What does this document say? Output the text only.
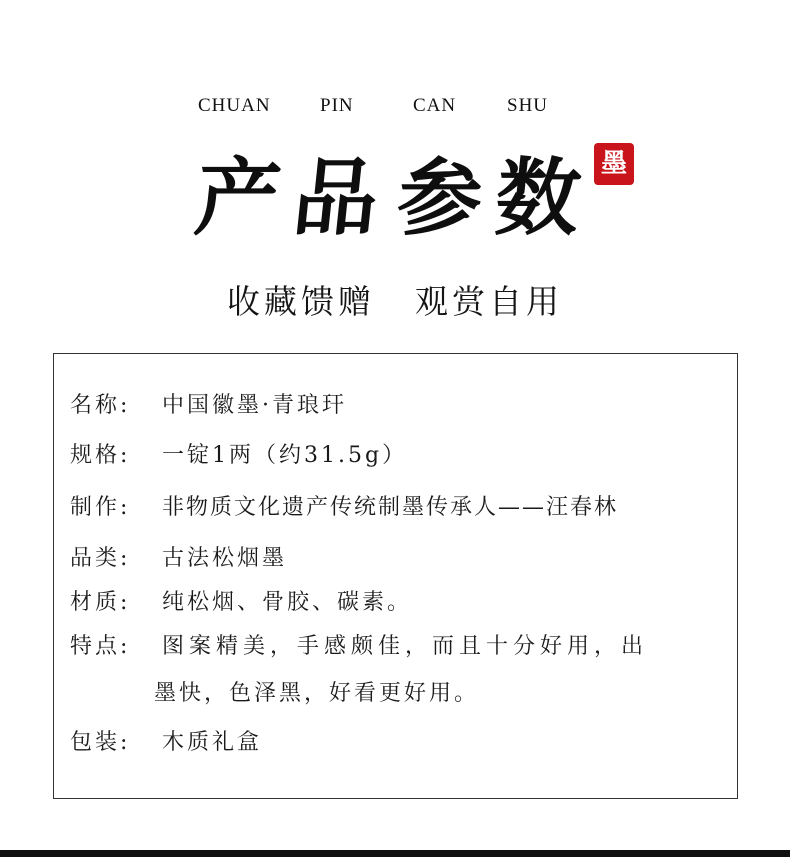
CHUAN	PIN	CAN	SHU
产 品 参 数 墨
收藏馈赠 观赏自用
名称: 中国徽墨·青琅玕
规格: 一锭1两（约31.5g）
制作: 非物质文化遗产传统制墨传承人——汪春林
品类: 古法松烟墨
材质: 纯松烟、骨胶、碳素。
特点: 图案精美，手感颇佳，而且十分好用，出
墨快，色泽黑，好看更好用。
包装: 木质礼盒
